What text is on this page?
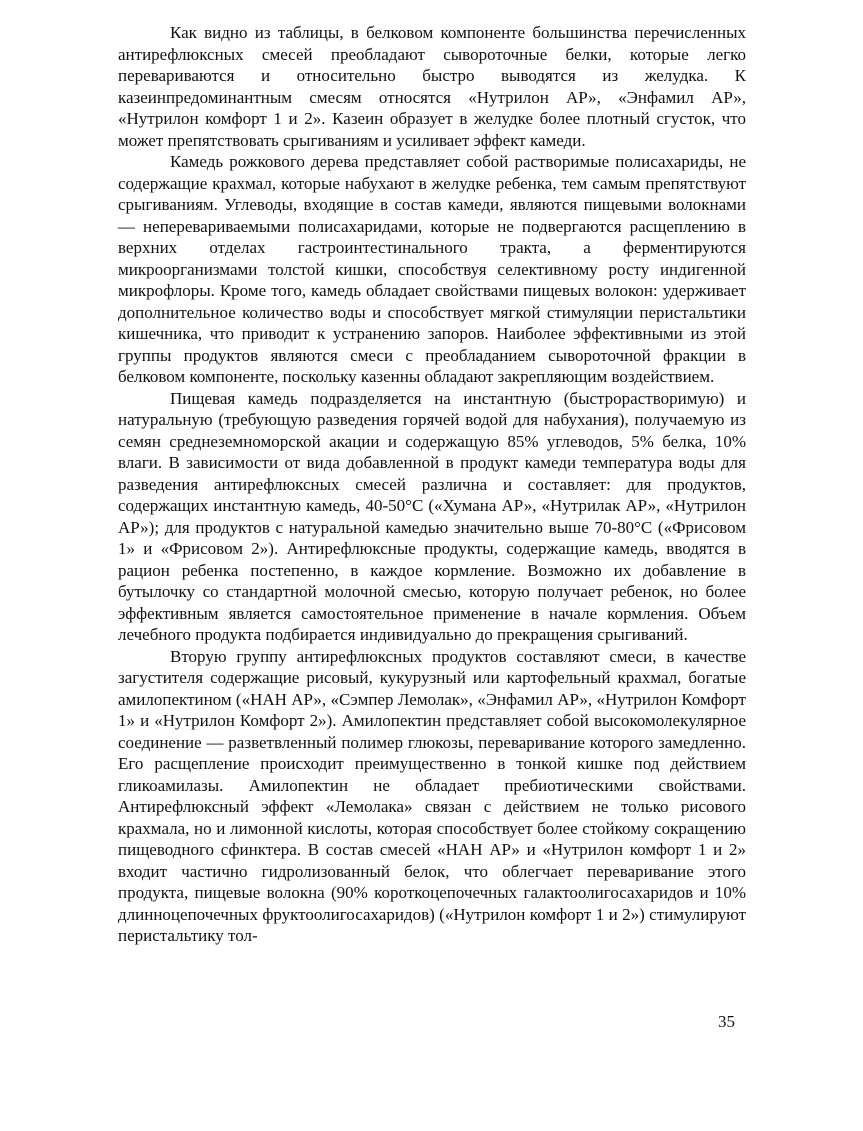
Как видно из таблицы, в белковом компоненте большинства перечисленных антирефлюксных смесей преобладают сывороточные белки, которые легко перевариваются и относительно быстро выводятся из желудка. К казеинпредоминантным смесям относятся «Нутрилон АР», «Энфамил АР», «Нутрилон комфорт 1 и 2». Казеин образует в желудке более плотный сгусток, что может препятствовать срыгиваниям и усиливает эффект камеди.

Камедь рожкового дерева представляет собой растворимые полисахариды, не содержащие крахмал, которые набухают в желудке ребенка, тем самым препятствуют срыгиваниям. Углеводы, входящие в состав камеди, являются пищевыми волокнами — неперевариваемыми полисахаридами, которые не подвергаются расщеплению в верхних отделах гастроинтестинального тракта, а ферментируются микроорганизмами толстой кишки, способствуя селективному росту индигенной микрофлоры. Кроме того, камедь обладает свойствами пищевых волокон: удерживает дополнительное количество воды и способствует мягкой стимуляции перистальтики кишечника, что приводит к устранению запоров. Наиболее эффективными из этой группы продуктов являются смеси с преобладанием сывороточной фракции в белковом компоненте, поскольку казенны обладают закрепляющим воздействием.

Пищевая камедь подразделяется на инстантную (быстрорастворимую) и натуральную (требующую разведения горячей водой для набухания), получаемую из семян среднеземноморской акации и содержащую 85% углеводов, 5% белка, 10% влаги. В зависимости от вида добавленной в продукт камеди температура воды для разведения антирефлюксных смесей различна и составляет: для продуктов, содержащих инстантную камедь, 40-50°С («Хумана АР», «Нутрилак АР», «Нутрилон АР»); для продуктов с натуральной камедью значительно выше 70-80°С («Фрисовом 1» и «Фрисовом 2»). Антирефлюксные продукты, содержащие камедь, вводятся в рацион ребенка постепенно, в каждое кормление. Возможно их добавление в бутылочку со стандартной молочной смесью, которую получает ребенок, но более эффективным является самостоятельное применение в начале кормления. Объем лечебного продукта подбирается индивидуально до прекращения срыгиваний.

Вторую группу антирефлюксных продуктов составляют смеси, в качестве загустителя содержащие рисовый, кукурузный или картофельный крахмал, богатые амилопектином («НАН АР», «Сэмпер Лемолак», «Энфамил АР», «Нутрилон Комфорт 1» и «Нутрилон Комфорт 2»). Амилопектин представляет собой высокомолекулярное соединение — разветвленный полимер глюкозы, переваривание которого замедленно. Его расщепление происходит преимущественно в тонкой кишке под действием гликоамилазы. Амилопектин не обладает пребиотическими свойствами. Антирефлюксный эффект «Лемолака» связан с действием не только рисового крахмала, но и лимонной кислоты, которая способствует более стойкому сокращению пищеводного сфинктера. В состав смесей «НАН АР» и «Нутрилон комфорт 1 и 2» входит частично гидролизованный белок, что облегчает переваривание этого продукта, пищевые волокна (90% короткоцепочечных галактоолигосахаридов и 10% длинноцепочечных фруктоолигосахаридов) («Нутрилон комфорт 1 и 2») стимулируют перистальтику тол-

35
